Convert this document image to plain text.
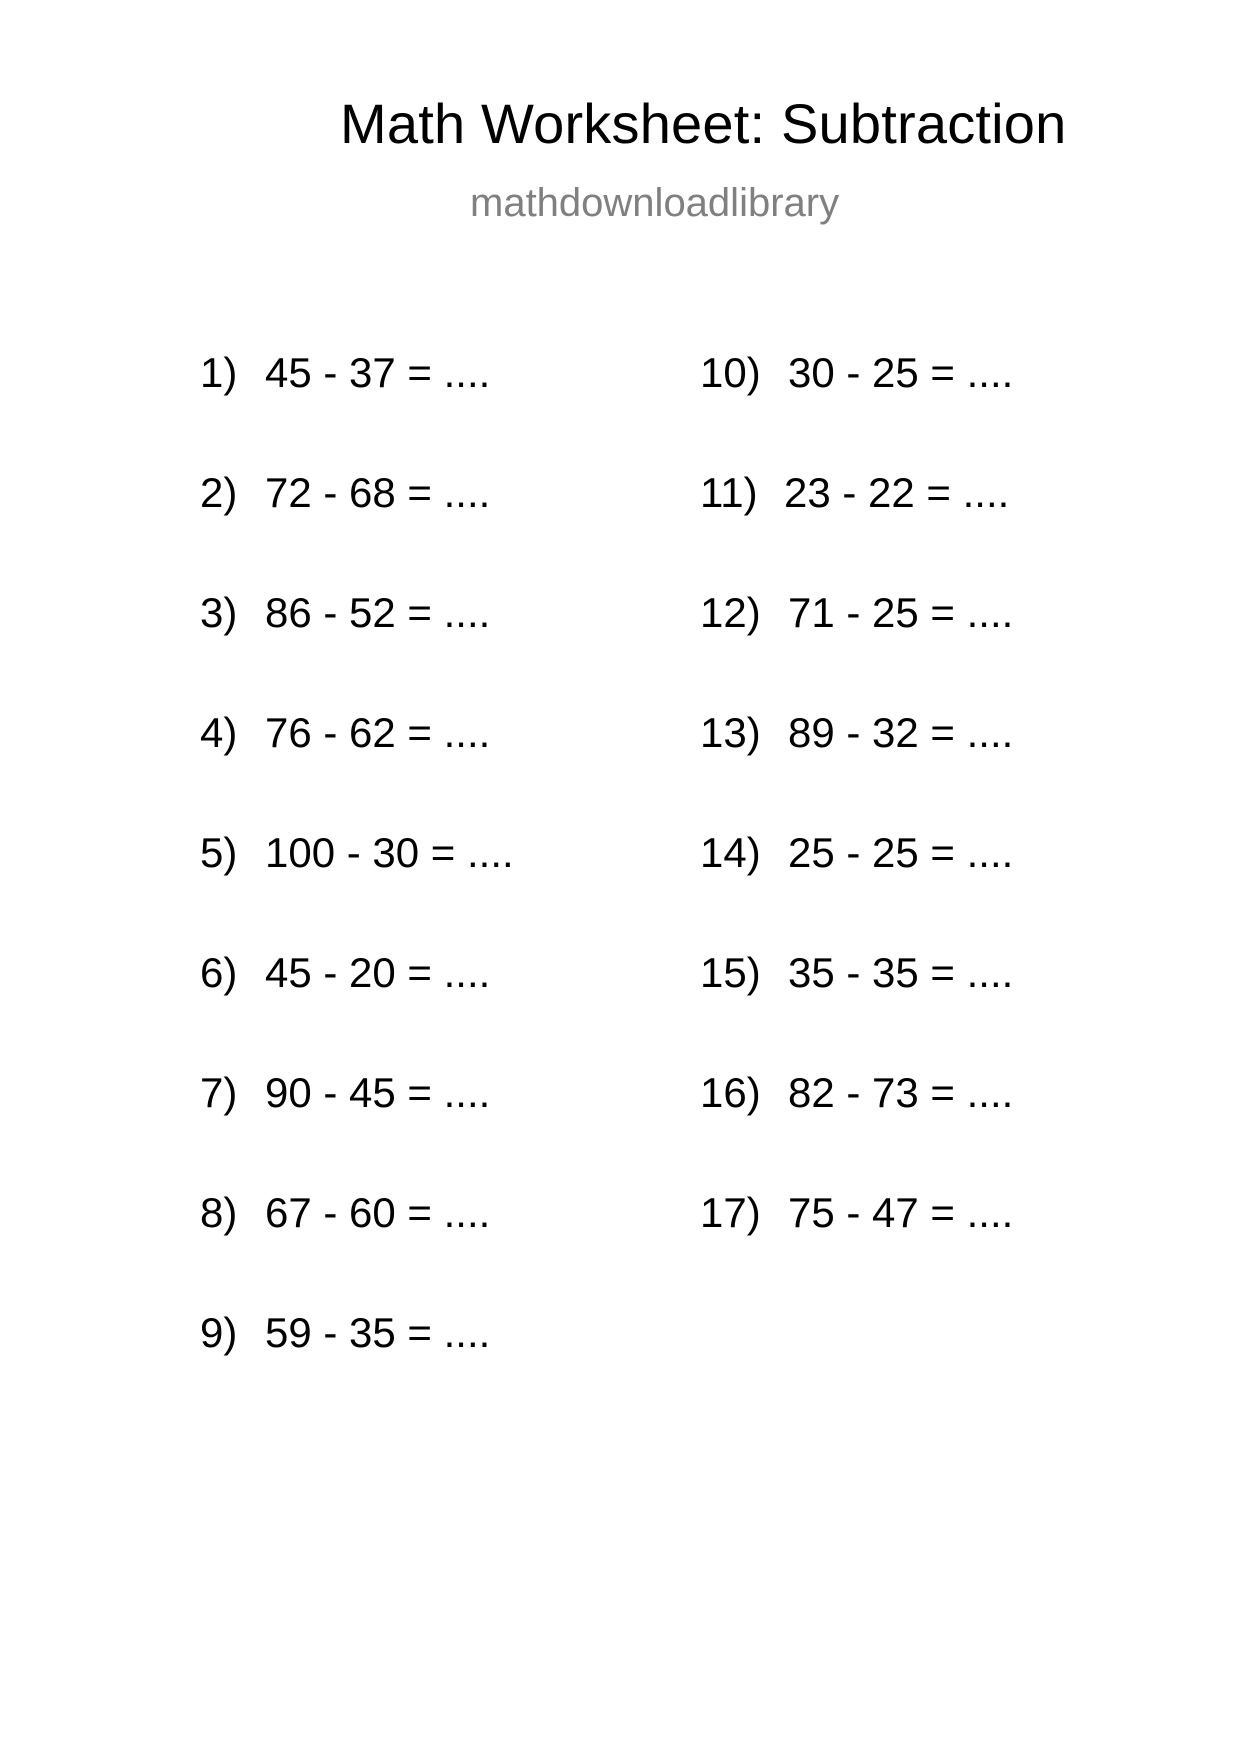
Math Worksheet: Subtraction
mathdownloadlibrary
1) 45 - 37 = ....
2) 72 - 68 = ....
3) 86 - 52 = ....
4) 76 - 62 = ....
5) 100 - 30 = ....
6) 45 - 20 = ....
7) 90 - 45 = ....
8) 67 - 60 = ....
9) 59 - 35 = ....
10) 30 - 25 = ....
11) 23 - 22 = ....
12) 71 - 25 = ....
13) 89 - 32 = ....
14) 25 - 25 = ....
15) 35 - 35 = ....
16) 82 - 73 = ....
17) 75 - 47 = ....
